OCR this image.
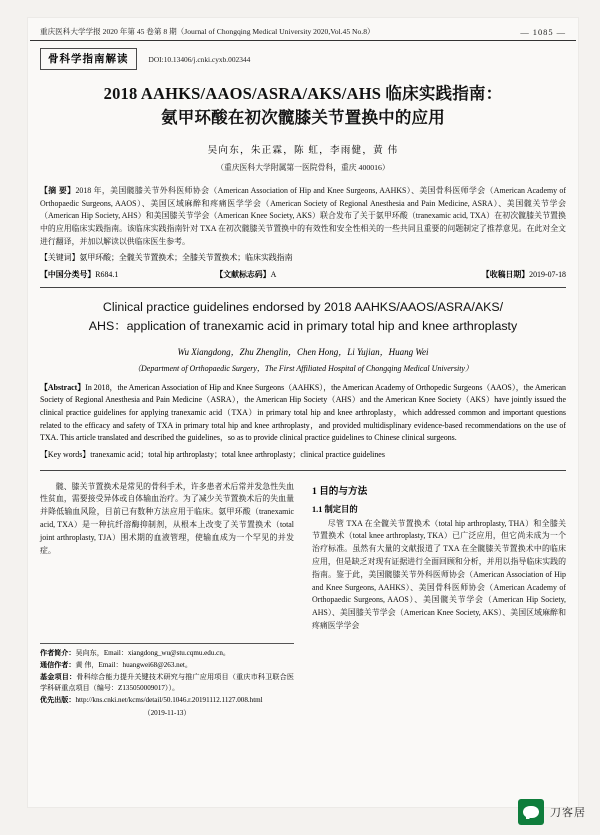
重庆医科大学学报 2020 年第 45 卷第 8 期（Journal of Chongqing Medical University 2020,Vol.45 No.8）	— 1085 —
骨科学指南解读	DOI:10.13406/j.cnki.cyxb.002344
2018 AAHKS/AAOS/ASRA/AKS/AHS 临床实践指南：
氨甲环酸在初次髋膝关节置换中的应用
吴向东，朱正霖，陈 虹，李雨健，黄 伟
（重庆医科大学附属第一医院骨科，重庆 400016）
【摘 要】2018 年，美国髋膝关节外科医师协会（American Association of Hip and Knee Surgeons, AAHKS）、美国骨科医师学会（American Academy of Orthopaedic Surgeons, AAOS）、美国区域麻醉和疼痛医学学会（American Society of Regional Anesthesia and Pain Medicine, ASRA）、美国髋关节学会（American Hip Society, AHS）和美国膝关节学会（American Knee Society, AKS）联合发布了关于氨甲环酸（tranexamic acid, TXA）在初次髋膝关节置换中的应用临床实践指南。该临床实践指南针对 TXA 在初次髋膝关节置换中的有效性和安全性相关的一些共同且重要的问题制定了推荐意见。在此对全文进行翻译，并加以解读以供临床医生参考。
【关键词】氨甲环酸；全髋关节置换术；全膝关节置换术；临床实践指南
【中国分类号】R684.1	【文献标志码】A	【收稿日期】2019-07-18
Clinical practice guidelines endorsed by 2018 AAHKS/AAOS/ASRA/AKS/
AHS：application of tranexamic acid in primary total hip and knee arthroplasty
Wu Xiangdong，Zhu Zhenglin，Chen Hong，Li Yujian，Huang Wei
（Department of Orthopaedic Surgery，The First Affiliated Hospital of Chongqing Medical University）
【Abstract】In 2018，the American Association of Hip and Knee Surgeons（AAHKS），the American Academy of Orthopedic Surgeons（AAOS），the American Society of Regional Anesthesia and Pain Medicine（ASRA），the American Hip Society（AHS）and the American Knee Society（AKS）have jointly issued the clinical practice guidelines for applying tranexamic acid（TXA）in primary total hip and knee arthroplasty，which addressed common and important questions related to the efficacy and safety of TXA in primary total hip and knee arthroplasty，and provided multidisplinary evidence-based recommendations on the use of TXA. This article translated and described the guidelines，so as to provide clinical practice guidelines to Chinese clinical surgeons.
【Key words】tranexamic acid；total hip arthroplasty；total knee arthroplasty；clinical practice guidelines

髋、膝关节置换术是常见的骨科手术，许多患者术后常并发急性失血性贫血，需要接受异体或自体输血治疗。为了减少关节置换术后的失血量并降低输血风险，目前已有数种方法应用于临床。氨甲环酸（tranexamic acid, TXA）是一种抗纤溶酶抑制剂，从根本上改变了关节置换术（total joint arthroplasty, TJA）围术期的血液管理，使输血成为一个罕见的并发症。

作者简介：吴向东，Email：xiangdong_wu@stu.cqmu.edu.cn。
通信作者：黄 伟，Email：huangwei68@263.net。
基金项目：骨科综合能力提升关键技术研究与推广应用项目（重庆市科卫联合医学科研重点项目（编号：Z135050009017））。
优先出版：http://kns.cnki.net/kcms/detail/50.1046.r.20191112.1127.008.html
（2019-11-13）
1 目的与方法
1.1 制定目的

尽管 TXA 在全髋关节置换术（total hip arthroplasty, THA）和全膝关节置换术（total knee arthroplasty, TKA）已广泛应用，但它尚未成为一个治疗标准。虽然有大量的文献报道了 TXA 在全髋膝关节置换术中的临床应用，但是缺乏对现有证据进行全面回顾和分析，并用以指导临床实践的指南。鉴于此，美国髋膝关节外科医师协会（American Association of Hip and Knee Surgeons, AAHKS）、美国骨科医师协会（American Academy of Orthopaedic Surgeons, AAOS）、美国髋关节学会（American Hip Society, AHS）、美国膝关节学会（American Knee Society, AKS）、美国区域麻醉和疼痛医学学会

刀客居
